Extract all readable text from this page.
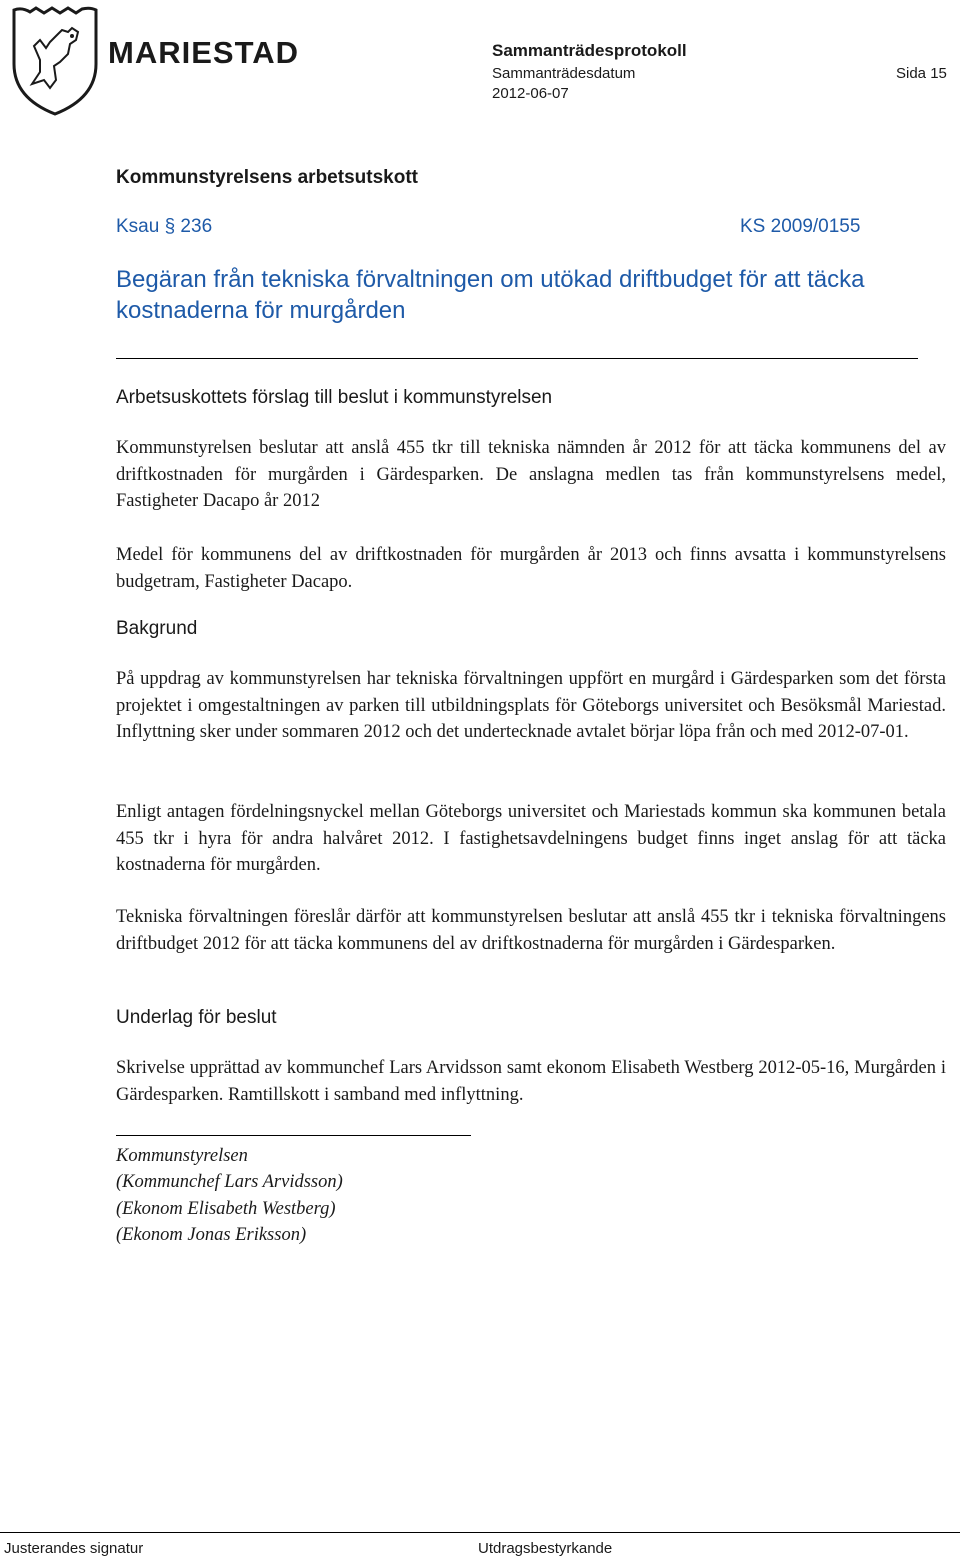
MARIESTAD	Sammanträdesprotokoll
Sammanträdesdatum
2012-06-07
Sida 15
Kommunstyrelsens arbetsutskott
Ksau § 236	KS 2009/0155
Begäran från tekniska förvaltningen om utökad driftbudget för att täcka kostnaderna för murgården
Arbetsuskottets förslag till beslut i kommunstyrelsen

Kommunstyrelsen beslutar att anslå 455 tkr till tekniska nämnden år 2012 för att täcka kommunens del av driftkostnaden för murgården i Gärdesparken. De anslagna medlen tas från kommunstyrelsens medel, Fastigheter Dacapo år 2012

Medel för kommunens del av driftkostnaden för murgården år 2013 och finns avsatta i kommunstyrelsens budgetram, Fastigheter Dacapo.

Bakgrund

På uppdrag av kommunstyrelsen har tekniska förvaltningen uppfört en murgård i Gärdesparken som det första projektet i omgestaltningen av parken till utbildningsplats för Göteborgs universitet och Besöksmål Mariestad. Inflyttning sker under sommaren 2012 och det undertecknade avtalet börjar löpa från och med 2012-07-01.

Enligt antagen fördelningsnyckel mellan Göteborgs universitet och Mariestads kommun ska kommunen betala 455 tkr i hyra för andra halvåret 2012. I fastighetsavdelningens budget finns inget anslag för att täcka kostnaderna för murgården.

Tekniska förvaltningen föreslår därför att kommunstyrelsen beslutar att anslå 455 tkr i tekniska förvaltningens driftbudget 2012 för att täcka kommunens del av driftkostnaderna för murgården i Gärdesparken.

Underlag för beslut

Skrivelse upprättad av kommunchef Lars Arvidsson samt ekonom Elisabeth Westberg 2012-05-16, Murgården i Gärdesparken. Ramtillskott i samband med inflyttning.

Kommunstyrelsen
(Kommunchef Lars Arvidsson)
(Ekonom Elisabeth Westberg)
(Ekonom Jonas Eriksson)
Justerandes signatur	Utdragsbestyrkande
